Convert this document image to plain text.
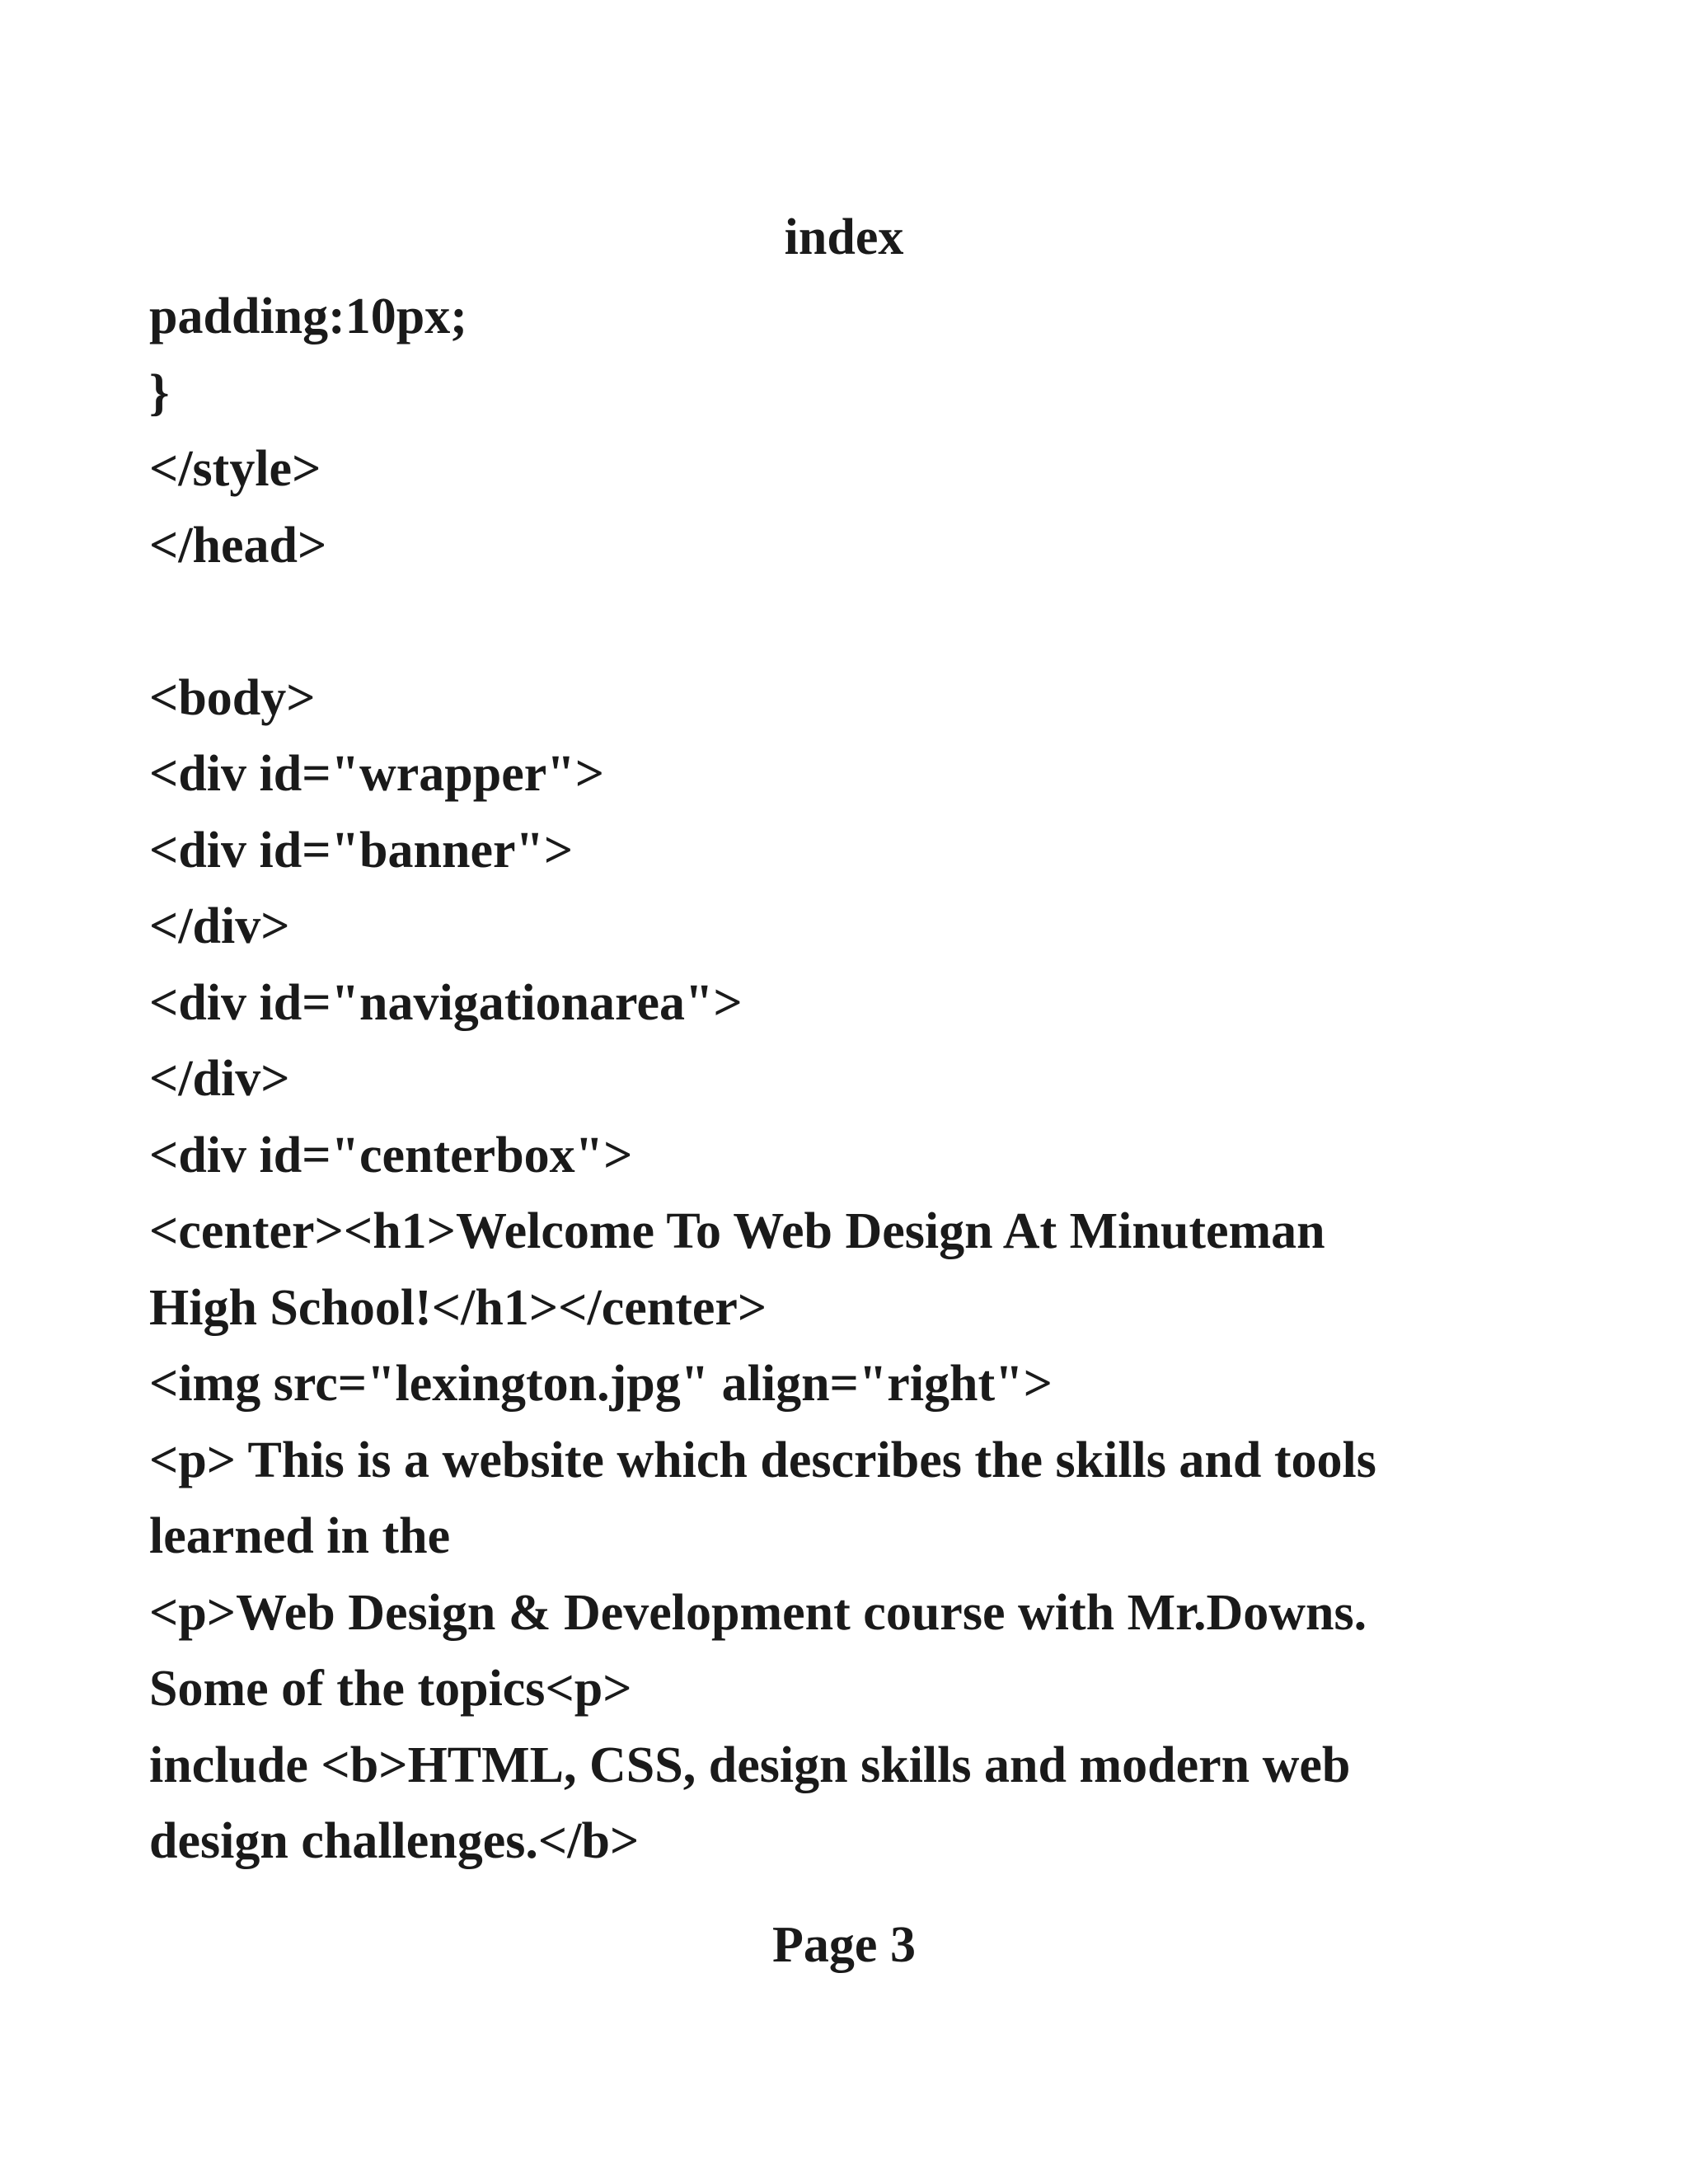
index
padding:10px;
}
</style>
</head>
<body>
<div id="wrapper">
<div id="banner">
</div>
<div id="navigationarea">
</div>
<div id="centerbox">
<center><h1>Welcome To Web Design At Minuteman
High School!</h1></center>
<img src="lexington.jpg" align="right">
<p> This is a website which describes the skills and tools
learned in the
<p>Web Design & Development course with Mr.Downs.
Some of the topics<p>
include <b>HTML, CSS, design skills and modern web
design challenges.</b>

Page 3
